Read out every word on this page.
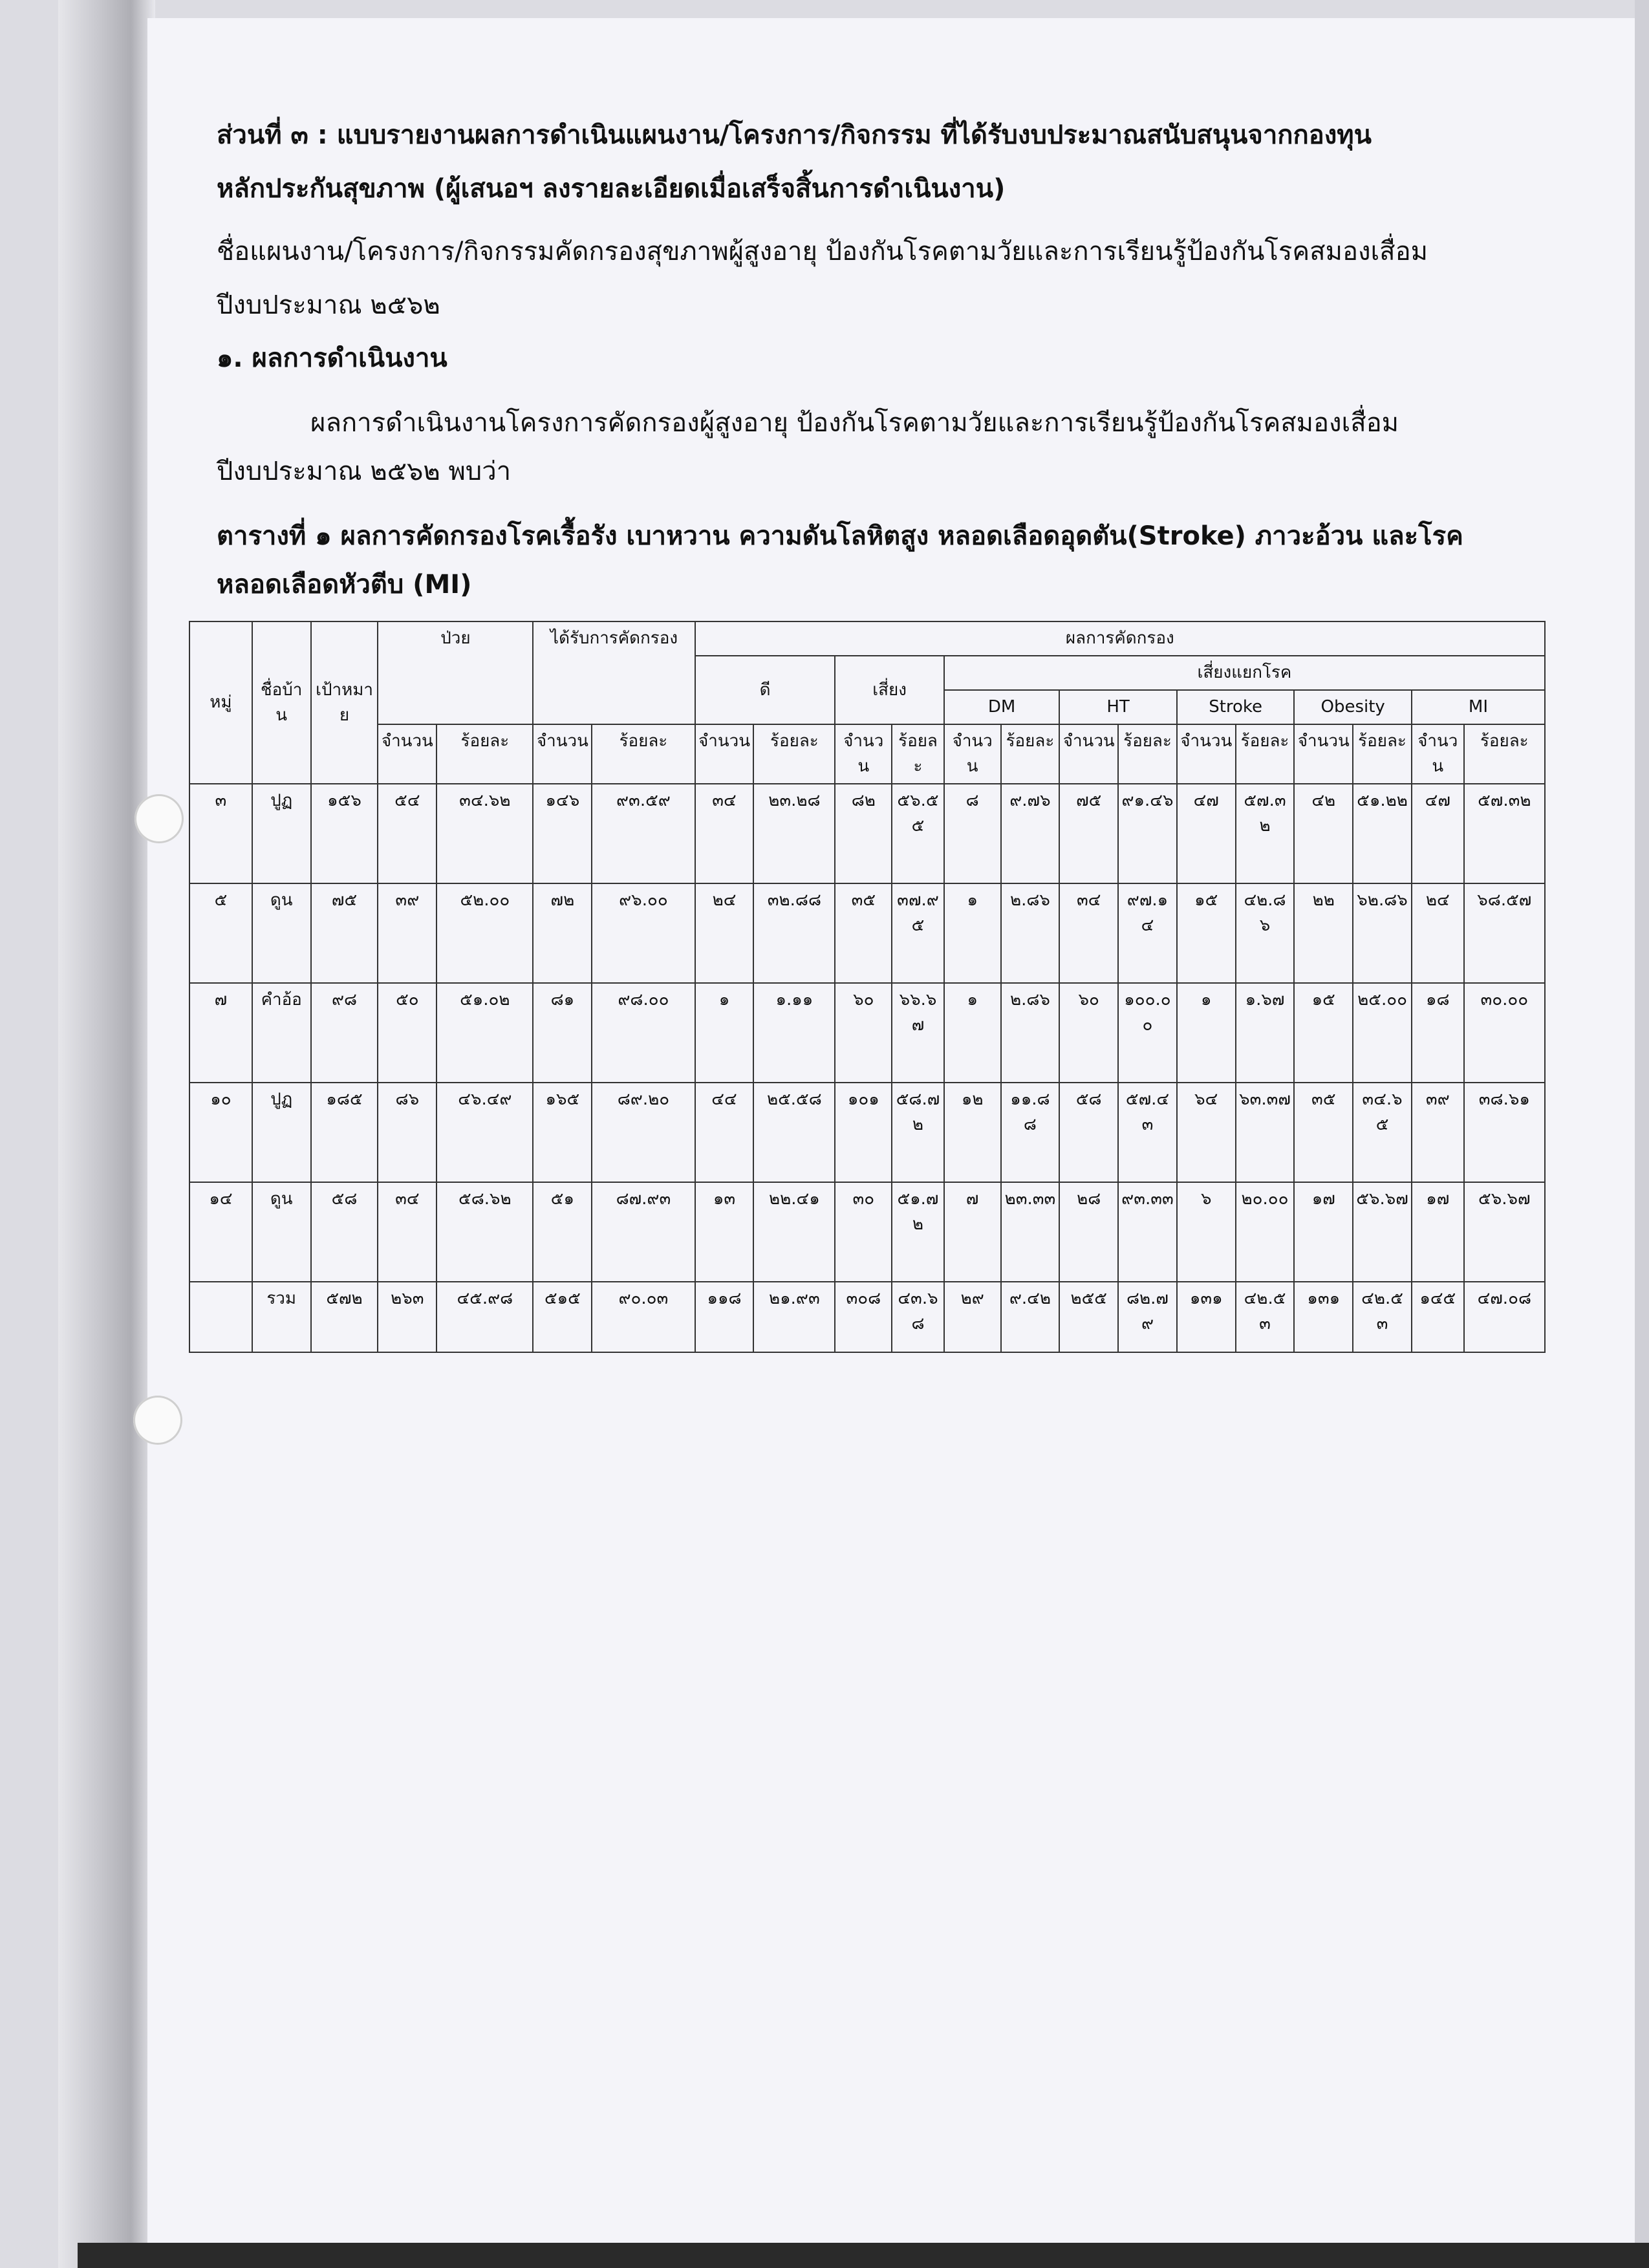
ส่วนที่ ๓ : แบบรายงานผลการดำเนินแผนงาน/โครงการ/กิจกรรม ที่ได้รับงบประมาณสนับสนุนจากกองทุน
หลักประกันสุขภาพ (ผู้เสนอฯ ลงรายละเอียดเมื่อเสร็จสิ้นการดำเนินงาน)
ชื่อแผนงาน/โครงการ/กิจกรรมคัดกรองสุขภาพผู้สูงอายุ ป้องกันโรคตามวัยและการเรียนรู้ป้องกันโรคสมองเสื่อม
ปีงบประมาณ ๒๕๖๒
๑. ผลการดำเนินงาน
ผลการดำเนินงานโครงการคัดกรองผู้สูงอายุ ป้องกันโรคตามวัยและการเรียนรู้ป้องกันโรคสมองเสื่อม
ปีงบประมาณ ๒๕๖๒ พบว่า
ตารางที่ ๑ ผลการคัดกรองโรคเรื้อรัง เบาหวาน ความดันโลหิตสูง หลอดเลือดอุดตัน(Stroke) ภาวะอ้วน และโรค
หลอดเลือดหัวตีบ (MI)
หมู่	ชื่อบ้าน	เป้าหมาย	ป่วย		ได้รับการคัดกรอง		ผลการคัดกรอง													
							ดี		เสี่ยง		เสี่ยงแยกโรค									
											DM		HT		Stroke		Obesity		MI	
			จำนวน	ร้อยละ	จำนวน	ร้อยละ	จำนวน	ร้อยละ	จำนวน	ร้อยละ	จำนวน	ร้อยละ	จำนวน	ร้อยละ	จำนวน	ร้อยละ	จำนวน	ร้อยละ	จำนวน	ร้อยละ
๓	ปูฏ	๑๕๖	๕๔	๓๔.๖๒	๑๔๖	๙๓.๕๙	๓๔	๒๓.๒๘	๘๒	๕๖.๕๕	๘	๙.๗๖	๗๕	๙๑.๔๖	๔๗	๕๗.๓๒	๔๒	๕๑.๒๒	๔๗	๕๗.๓๒
๕	ดูน	๗๕	๓๙	๕๒.๐๐	๗๒	๙๖.๐๐	๒๔	๓๒.๘๘	๓๕	๓๗.๙๕	๑	๒.๘๖	๓๔	๙๗.๑๔	๑๕	๔๒.๘๖	๒๒	๖๒.๘๖	๒๔	๖๘.๕๗
๗	คำอ้อ	๙๘	๕๐	๕๑.๐๒	๘๑	๙๘.๐๐	๑	๑.๑๑	๖๐	๖๖.๖๗	๑	๒.๘๖	๖๐	๑๐๐.๐๐	๑	๑.๖๗	๑๕	๒๕.๐๐	๑๘	๓๐.๐๐
๑๐	ปูฏ	๑๘๕	๘๖	๔๖.๔๙	๑๖๕	๘๙.๒๐	๔๔	๒๕.๕๘	๑๐๑	๕๘.๗๒	๑๒	๑๑.๘๘	๕๘	๕๗.๔๓	๖๔	๖๓.๓๗	๓๕	๓๔.๖๕	๓๙	๓๘.๖๑
๑๔	ดูน	๕๘	๓๔	๕๘.๖๒	๕๑	๘๗.๙๓	๑๓	๒๒.๔๑	๓๐	๕๑.๗๒	๗	๒๓.๓๓	๒๘	๙๓.๓๓	๖	๒๐.๐๐	๑๗	๕๖.๖๗	๑๗	๕๖.๖๗
	รวม	๕๗๒	๒๖๓	๔๕.๙๘	๕๑๕	๙๐.๐๓	๑๑๘	๒๑.๙๓	๓๐๘	๔๓.๖๘	๒๙	๙.๔๒	๒๕๕	๘๒.๗๙	๑๓๑	๔๒.๕๓	๑๓๑	๔๒.๕๓	๑๔๕	๔๗.๐๘
